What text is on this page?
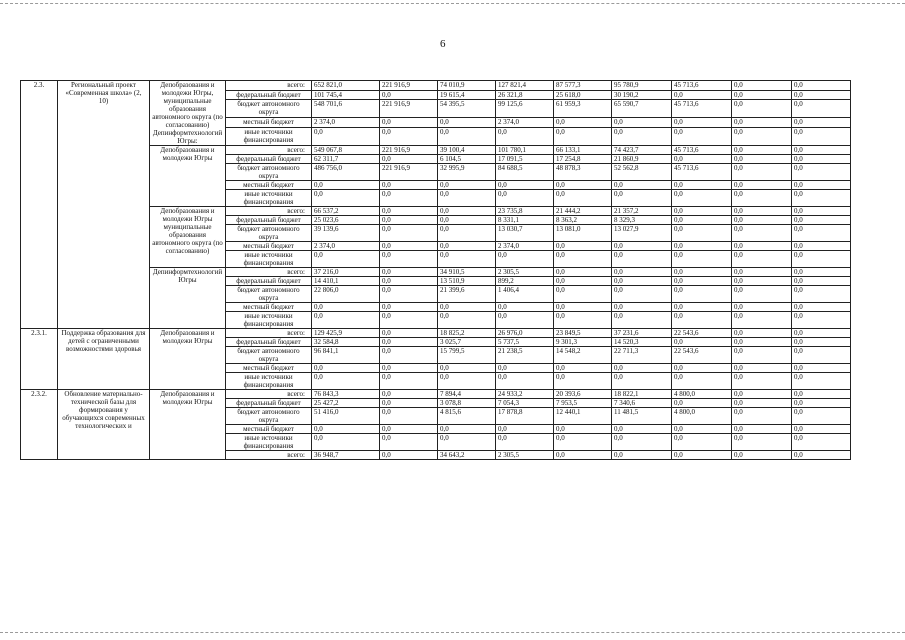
6
2.3.	Региональный проект «Современная школа» (2, 10)	Депобразования и молодежи Югры, муниципальные образования автономного округа (по согласованию) Депинформтехнологий Югры:	всего:	652 821,0	221 916,9	74 010,9	127 821,4	87 577,3	95 780,9	45 713,6	0,0	0,0
			федеральный бюджет	101 745,4	0,0	19 615,4	26 321,8	25 618,0	30 190,2	0,0	0,0	0,0
			бюджет автономного округа	548 701,6	221 916,9	54 395,5	99 125,6	61 959,3	65 590,7	45 713,6	0,0	0,0
			местный бюджет	2 374,0	0,0	0,0	2 374,0	0,0	0,0	0,0	0,0	0,0
			иные источники финансирования	0,0	0,0	0,0	0,0	0,0	0,0	0,0	0,0	0,0
		Депобразования и молодежи Югры	всего:	549 067,8	221 916,9	39 100,4	101 780,1	66 133,1	74 423,7	45 713,6	0,0	0,0
			федеральный бюджет	62 311,7	0,0	6 104,5	17 091,5	17 254,8	21 860,9	0,0	0,0	0,0
			бюджет автономного округа	486 756,0	221 916,9	32 995,9	84 688,5	48 878,3	52 562,8	45 713,6	0,0	0,0
			местный бюджет	0,0	0,0	0,0	0,0	0,0	0,0	0,0	0,0	0,0
			иные источники финансирования	0,0	0,0	0,0	0,0	0,0	0,0	0,0	0,0	0,0
		Депобразования и молодежи Югры муниципальные образования автономного округа (по согласованию)	всего:	66 537,2	0,0	0,0	23 735,8	21 444,2	21 357,2	0,0	0,0	0,0
			федеральный бюджет	25 023,6	0,0	0,0	8 331,1	8 363,2	8 329,3	0,0	0,0	0,0
			бюджет автономного округа	39 139,6	0,0	0,0	13 030,7	13 081,0	13 027,9	0,0	0,0	0,0
			местный бюджет	2 374,0	0,0	0,0	2 374,0	0,0	0,0	0,0	0,0	0,0
			иные источники финансирования	0,0	0,0	0,0	0,0	0,0	0,0	0,0	0,0	0,0
		Депинформтехнологий Югры	всего:	37 216,0	0,0	34 910,5	2 305,5	0,0	0,0	0,0	0,0	0,0
			федеральный бюджет	14 410,1	0,0	13 510,9	899,2	0,0	0,0	0,0	0,0	0,0
			бюджет автономного округа	22 806,0	0,0	21 399,6	1 406,4	0,0	0,0	0,0	0,0	0,0
			местный бюджет	0,0	0,0	0,0	0,0	0,0	0,0	0,0	0,0	0,0
			иные источники финансирования	0,0	0,0	0,0	0,0	0,0	0,0	0,0	0,0	0,0
2.3.1.	Поддержка образования для детей с ограниченными возможностями здоровья	Депобразования и молодежи Югры	всего:	129 425,9	0,0	18 825,2	26 976,0	23 849,5	37 231,6	22 543,6	0,0	0,0
			федеральный бюджет	32 584,8	0,0	3 025,7	5 737,5	9 301,3	14 520,3	0,0	0,0	0,0
			бюджет автономного округа	96 841,1	0,0	15 799,5	21 238,5	14 548,2	22 711,3	22 543,6	0,0	0,0
			местный бюджет	0,0	0,0	0,0	0,0	0,0	0,0	0,0	0,0	0,0
			иные источники финансирования	0,0	0,0	0,0	0,0	0,0	0,0	0,0	0,0	0,0
2.3.2.	Обновление материально-технической базы для формирования у обучающихся современных технологических и	Депобразования и молодежи Югры	всего:	76 843,3	0,0	7 894,4	24 933,2	20 393,6	18 822,1	4 800,0	0,0	0,0
			федеральный бюджет	25 427,2	0,0	3 078,8	7 054,3	7 953,5	7 340,6	0,0	0,0	0,0
			бюджет автономного округа	51 416,0	0,0	4 815,6	17 878,8	12 440,1	11 481,5	4 800,0	0,0	0,0
			местный бюджет	0,0	0,0	0,0	0,0	0,0	0,0	0,0	0,0	0,0
			иные источники финансирования	0,0	0,0	0,0	0,0	0,0	0,0	0,0	0,0	0,0
			всего:	36 948,7	0,0	34 643,2	2 305,5	0,0	0,0	0,0	0,0	0,0
